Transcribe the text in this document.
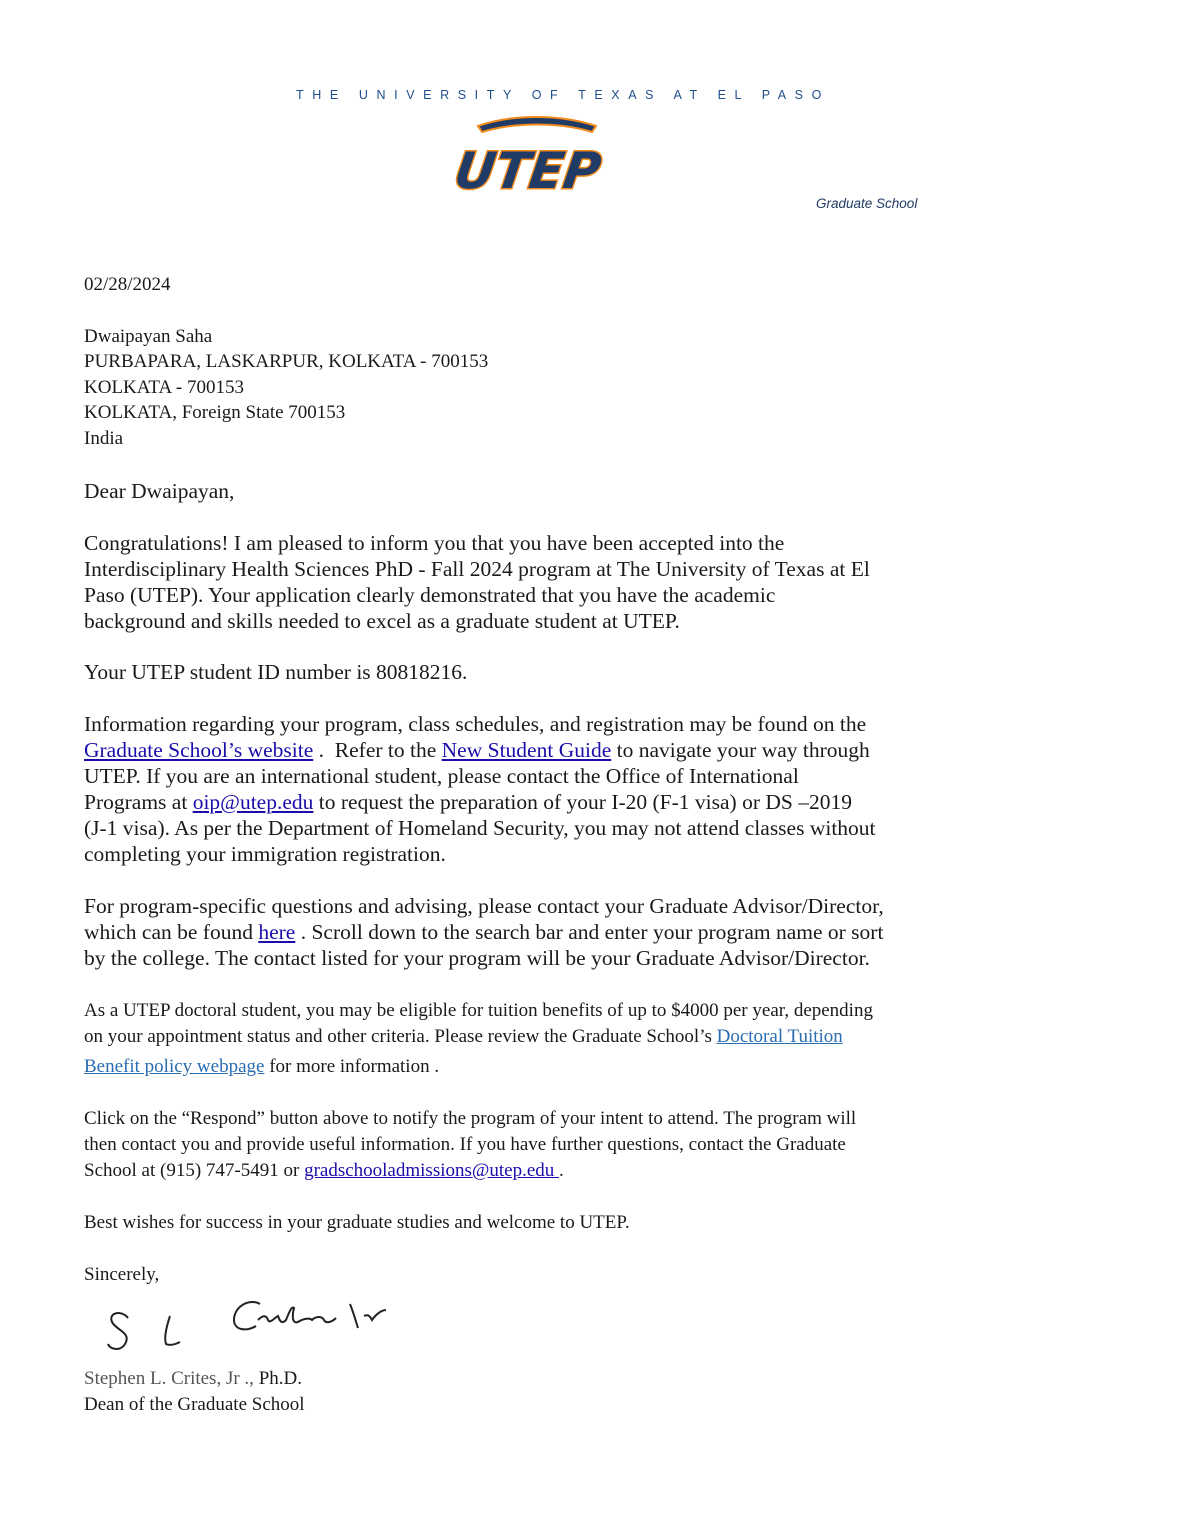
THE UNIVERSITY OF TEXAS AT EL PASO
UTEP
Graduate School
02/28/2024
Dwaipayan Saha
PURBAPARA, LASKARPUR, KOLKATA - 700153
KOLKATA - 700153
KOLKATA, Foreign State 700153
India
Dear Dwaipayan,
Congratulations! I am pleased to inform you that you have been accepted into the
Interdisciplinary Health Sciences PhD - Fall 2024 program at The University of Texas at El
Paso (UTEP). Your application clearly demonstrated that you have the academic
background and skills needed to excel as a graduate student at UTEP.
Your UTEP student ID number is 80818216.
Information regarding your program, class schedules, and registration may be found on the
Graduate School’s website .  Refer to the New Student Guide to navigate your way through
UTEP. If you are an international student, please contact the Office of International
Programs at oip@utep.edu to request the preparation of your I-20 (F-1 visa) or DS –2019
(J-1 visa). As per the Department of Homeland Security, you may not attend classes without
completing your immigration registration.
For program-specific questions and advising, please contact your Graduate Advisor/Director,
which can be found here . Scroll down to the search bar and enter your program name or sort
by the college. The contact listed for your program will be your Graduate Advisor/Director.
As a UTEP doctoral student, you may be eligible for tuition benefits of up to $4000 per year, depending
on your appointment status and other criteria. Please review the Graduate School’s Doctoral Tuition
Benefit policy webpage for more information .
Click on the “Respond” button above to notify the program of your intent to attend. The program will
then contact you and provide useful information. If you have further questions, contact the Graduate
School at (915) 747-5491 or gradschooladmissions@utep.edu .
Best wishes for success in your graduate studies and welcome to UTEP.
Sincerely,
Stephen L. Crites, Jr ., Ph.D.
Dean of the Graduate School
